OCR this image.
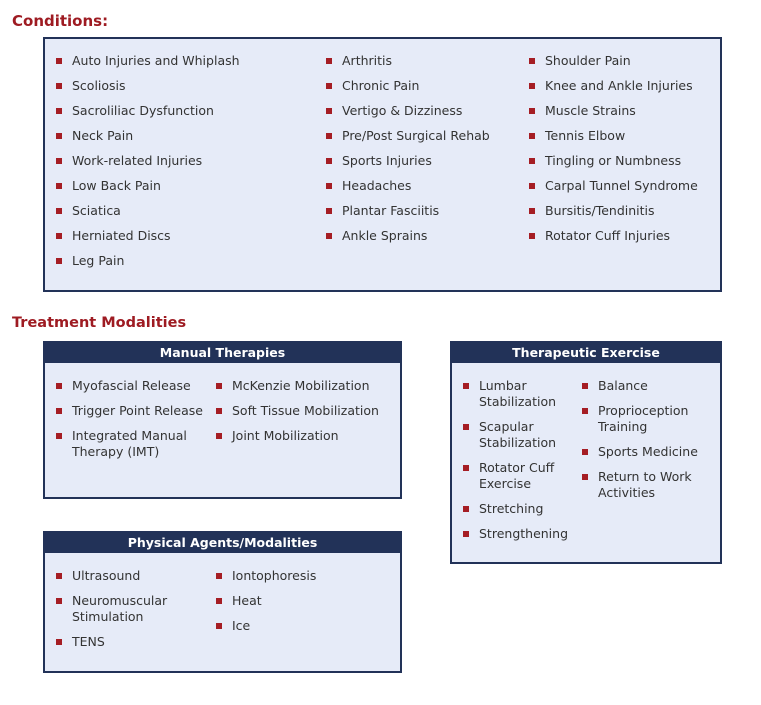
Conditions:
Auto Injuries and Whiplash
Scoliosis
Sacroliliac Dysfunction
Neck Pain
Work-related Injuries
Low Back Pain
Sciatica
Herniated Discs
Leg Pain
Arthritis
Chronic Pain
Vertigo & Dizziness
Pre/Post Surgical Rehab
Sports Injuries
Headaches
Plantar Fasciitis
Ankle Sprains
Shoulder Pain
Knee and Ankle Injuries
Muscle Strains
Tennis Elbow
Tingling or Numbness
Carpal Tunnel Syndrome
Bursitis/Tendinitis
Rotator Cuff Injuries
Treatment Modalities
Manual Therapies
Myofascial Release
Trigger Point Release
Integrated Manual Therapy (IMT)
McKenzie Mobilization
Soft Tissue Mobilization
Joint Mobilization
Physical Agents/Modalities
Ultrasound
Neuromuscular Stimulation
TENS
Iontophoresis
Heat
Ice
Therapeutic Exercise
Lumbar Stabilization
Scapular Stabilization
Rotator Cuff Exercise
Stretching
Strengthening
Balance
Proprioception Training
Sports Medicine
Return to Work Activities
